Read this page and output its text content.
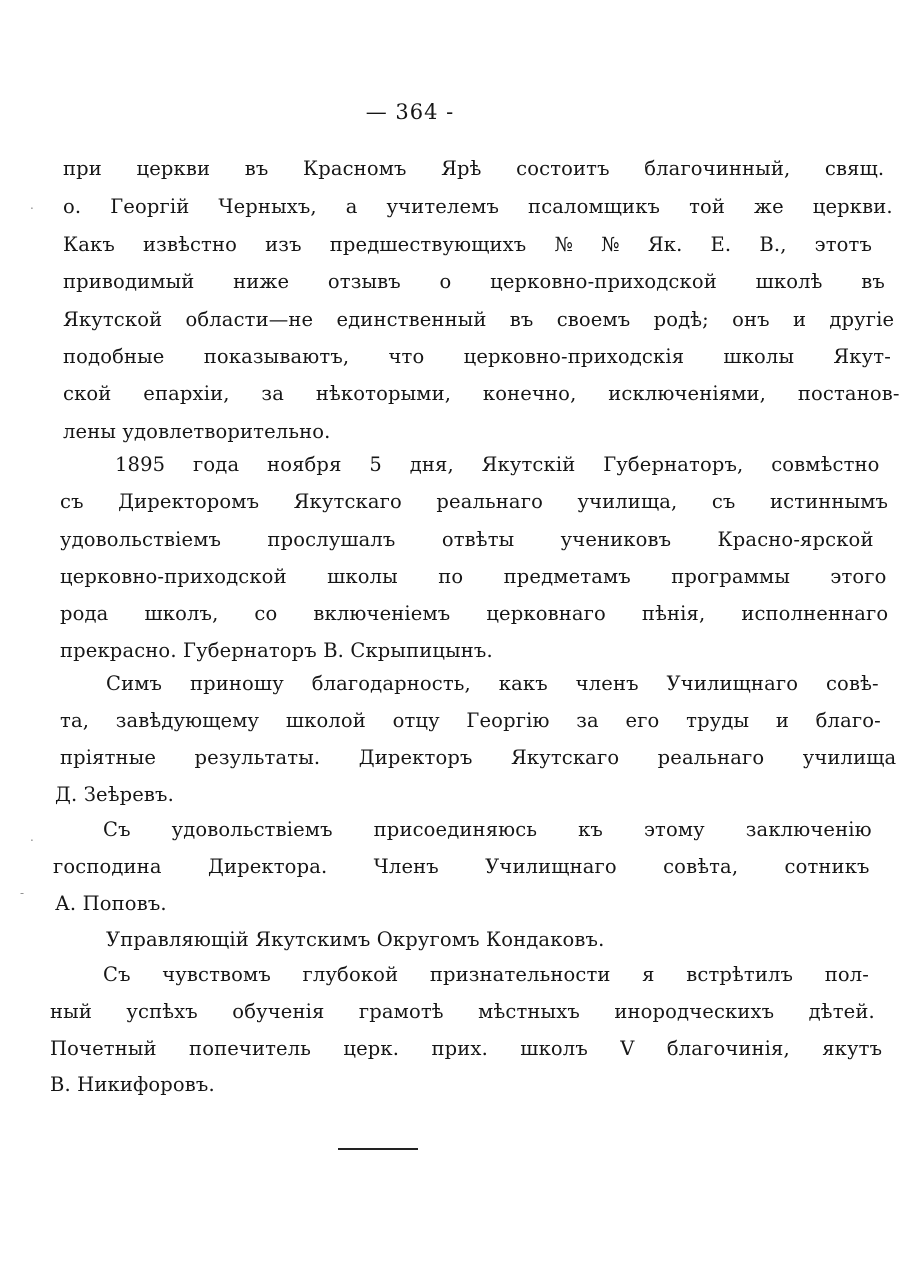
— 364 -
при церкви въ Красномъ Ярѣ состоитъ благочинный, свящ.
о. Георгій Черныхъ, а учителемъ псаломщикъ той же церкви.
Какъ извѣстно изъ предшествующихъ № № Як. Е. В., этотъ
приводимый ниже отзывъ о церковно-приходской школѣ въ
Якутской области—не единственный въ своемъ родѣ; онъ и другіе
подобные показываютъ, что церковно-приходскія школы Якут-
ской епархіи, за нѣкоторыми, конечно, исключеніями, постанов-
лены удовлетворительно.
1895 года ноября 5 дня, Якутскій Губернаторъ, совмѣстно
съ Директоромъ Якутскаго реальнаго училища, съ истиннымъ
удовольствіемъ прослушалъ отвѣты учениковъ Красно-ярской
церковно-приходской школы по предметамъ программы этого
рода школъ, со включеніемъ церковнаго пѣнія, исполненнаго
прекрасно. Губернаторъ В. Скрыпицынъ.
Симъ приношу благодарность, какъ членъ Училищнаго совѣ-
та, завѣдующему школой отцу Георгію за его труды и благо-
пріятные результаты. Директоръ Якутскаго реальнаго училища
Д. Зеѣревъ.
Съ удовольствіемъ присоединяюсь къ этому заключенію
господина Директора. Членъ Училищнаго совѣта, сотникъ
А. Поповъ.
Управляющій Якутскимъ Округомъ Кондаковъ.
Съ чувствомъ глубокой признательности я встрѣтилъ пол-
ный успѣхъ обученія грамотѣ мѣстныхъ инородческихъ дѣтей.
Почетный попечитель церк. прих. школъ V благочинія, якутъ
В. Никифоровъ.
.
.
-
